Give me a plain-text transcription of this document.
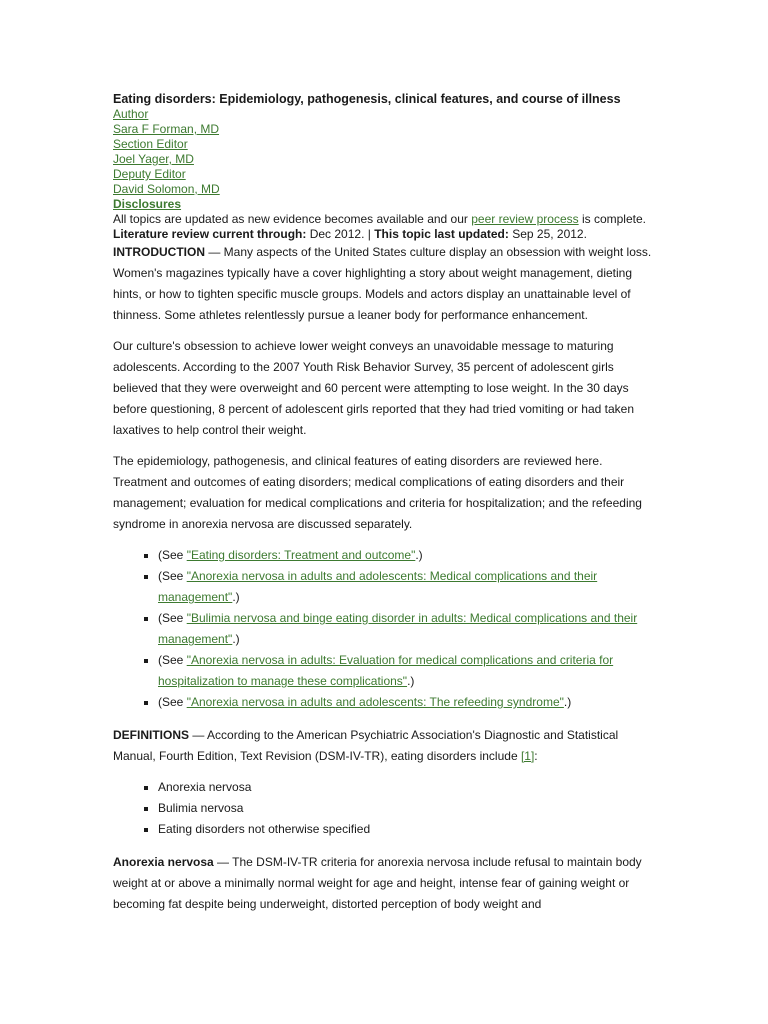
Eating disorders: Epidemiology, pathogenesis, clinical features, and course of illness
Author
Sara F Forman, MD
Section Editor
Joel Yager, MD
Deputy Editor
David Solomon, MD
Disclosures

All topics are updated as new evidence becomes available and our peer review process is complete.

Literature review current through: Dec 2012. | This topic last updated: Sep 25, 2012.

INTRODUCTION — Many aspects of the United States culture display an obsession with weight loss. Women's magazines typically have a cover highlighting a story about weight management, dieting hints, or how to tighten specific muscle groups. Models and actors display an unattainable level of thinness. Some athletes relentlessly pursue a leaner body for performance enhancement.

Our culture's obsession to achieve lower weight conveys an unavoidable message to maturing adolescents. According to the 2007 Youth Risk Behavior Survey, 35 percent of adolescent girls believed that they were overweight and 60 percent were attempting to lose weight. In the 30 days before questioning, 8 percent of adolescent girls reported that they had tried vomiting or had taken laxatives to help control their weight.

The epidemiology, pathogenesis, and clinical features of eating disorders are reviewed here. Treatment and outcomes of eating disorders; medical complications of eating disorders and their management; evaluation for medical complications and criteria for hospitalization; and the refeeding syndrome in anorexia nervosa are discussed separately.

▪ (See "Eating disorders: Treatment and outcome".)
▪ (See "Anorexia nervosa in adults and adolescents: Medical complications and their management".)
▪ (See "Bulimia nervosa and binge eating disorder in adults: Medical complications and their management".)
▪ (See "Anorexia nervosa in adults: Evaluation for medical complications and criteria for hospitalization to manage these complications".)
▪ (See "Anorexia nervosa in adults and adolescents: The refeeding syndrome".)

DEFINITIONS — According to the American Psychiatric Association's Diagnostic and Statistical Manual, Fourth Edition, Text Revision (DSM-IV-TR), eating disorders include [1]:

▪ Anorexia nervosa
▪ Bulimia nervosa
▪ Eating disorders not otherwise specified

Anorexia nervosa — The DSM-IV-TR criteria for anorexia nervosa include refusal to maintain body weight at or above a minimally normal weight for age and height, intense fear of gaining weight or becoming fat despite being underweight, distorted perception of body weight and
